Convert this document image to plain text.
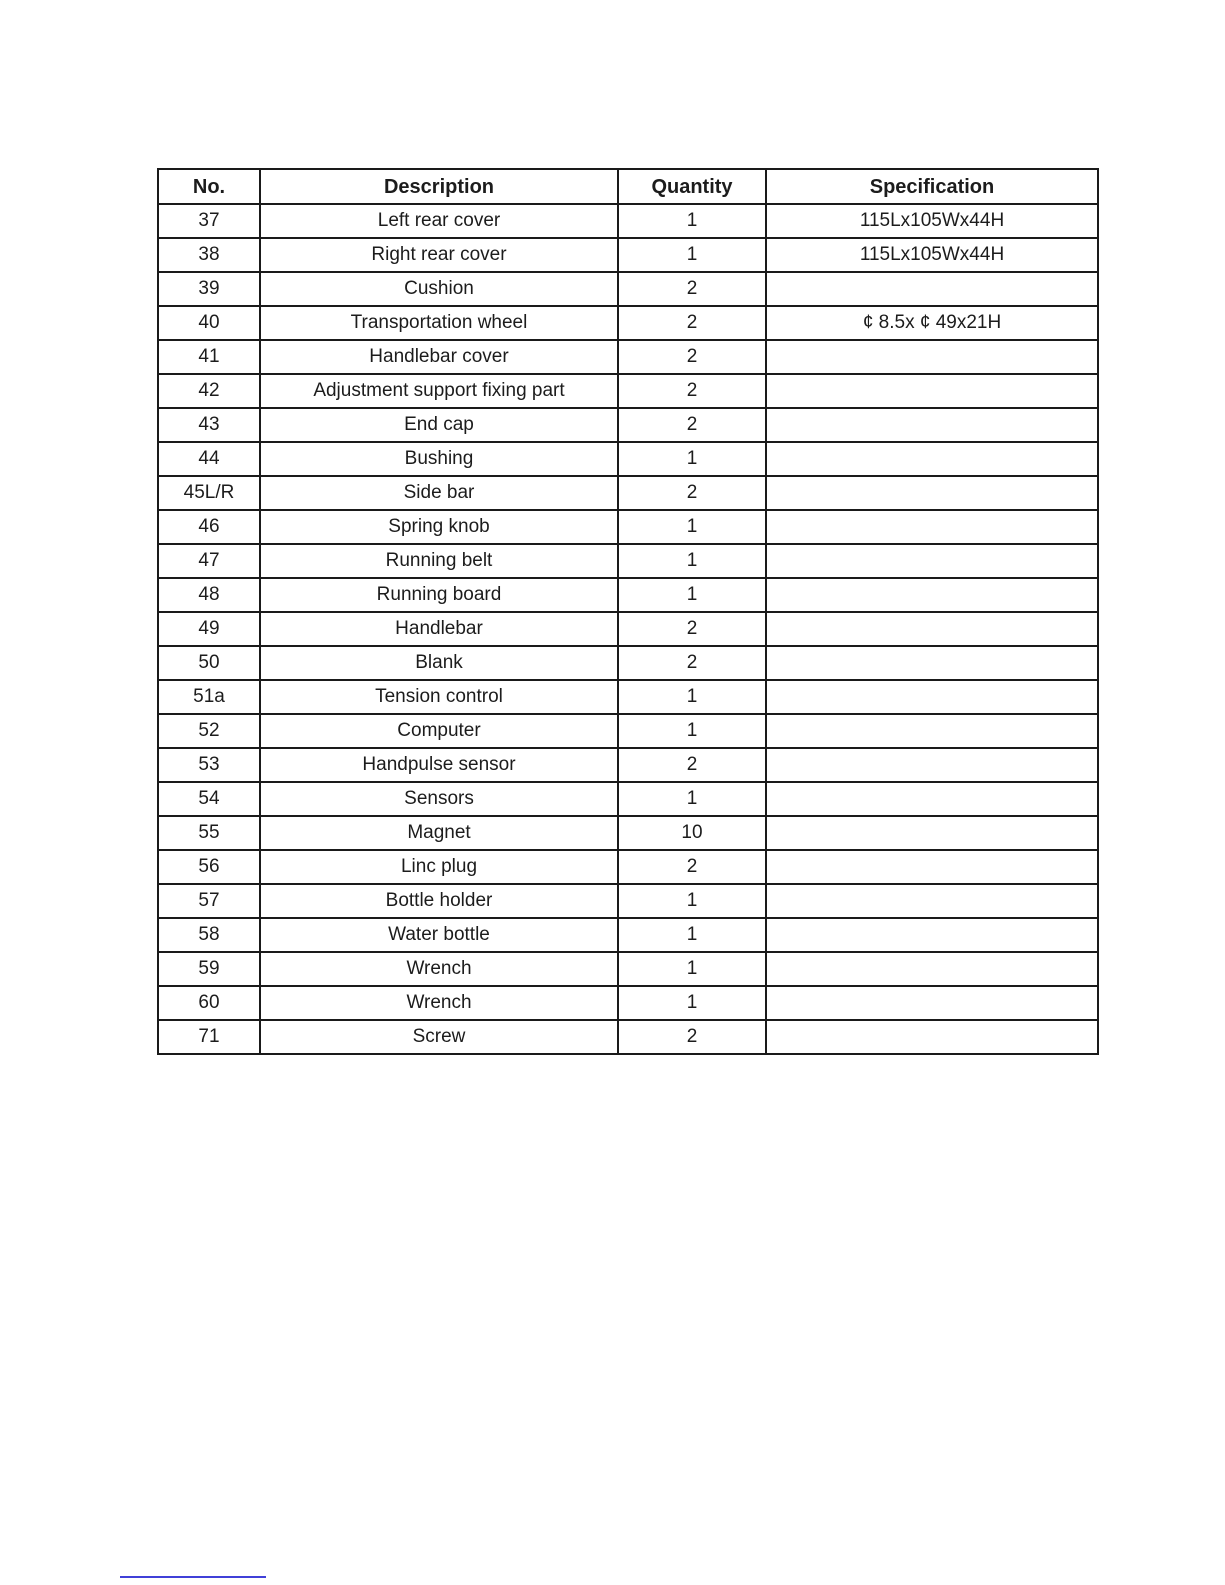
No.	Description	Quantity	Specification
37	Left rear cover	1	115Lx105Wx44H
38	Right rear cover	1	115Lx105Wx44H
39	Cushion	2	
40	Transportation wheel	2	¢ 8.5x ¢ 49x21H
41	Handlebar cover	2	
42	Adjustment support fixing part	2	
43	End cap	2	
44	Bushing	1	
45L/R	Side bar	2	
46	Spring knob	1	
47	Running belt	1	
48	Running board	1	
49	Handlebar	2	
50	Blank	2	
51a	Tension control	1	
52	Computer	1	
53	Handpulse sensor	2	
54	Sensors	1	
55	Magnet	10	
56	Linc plug	2	
57	Bottle holder	1	
58	Water bottle	1	
59	Wrench	1	
60	Wrench	1	
71	Screw	2	
